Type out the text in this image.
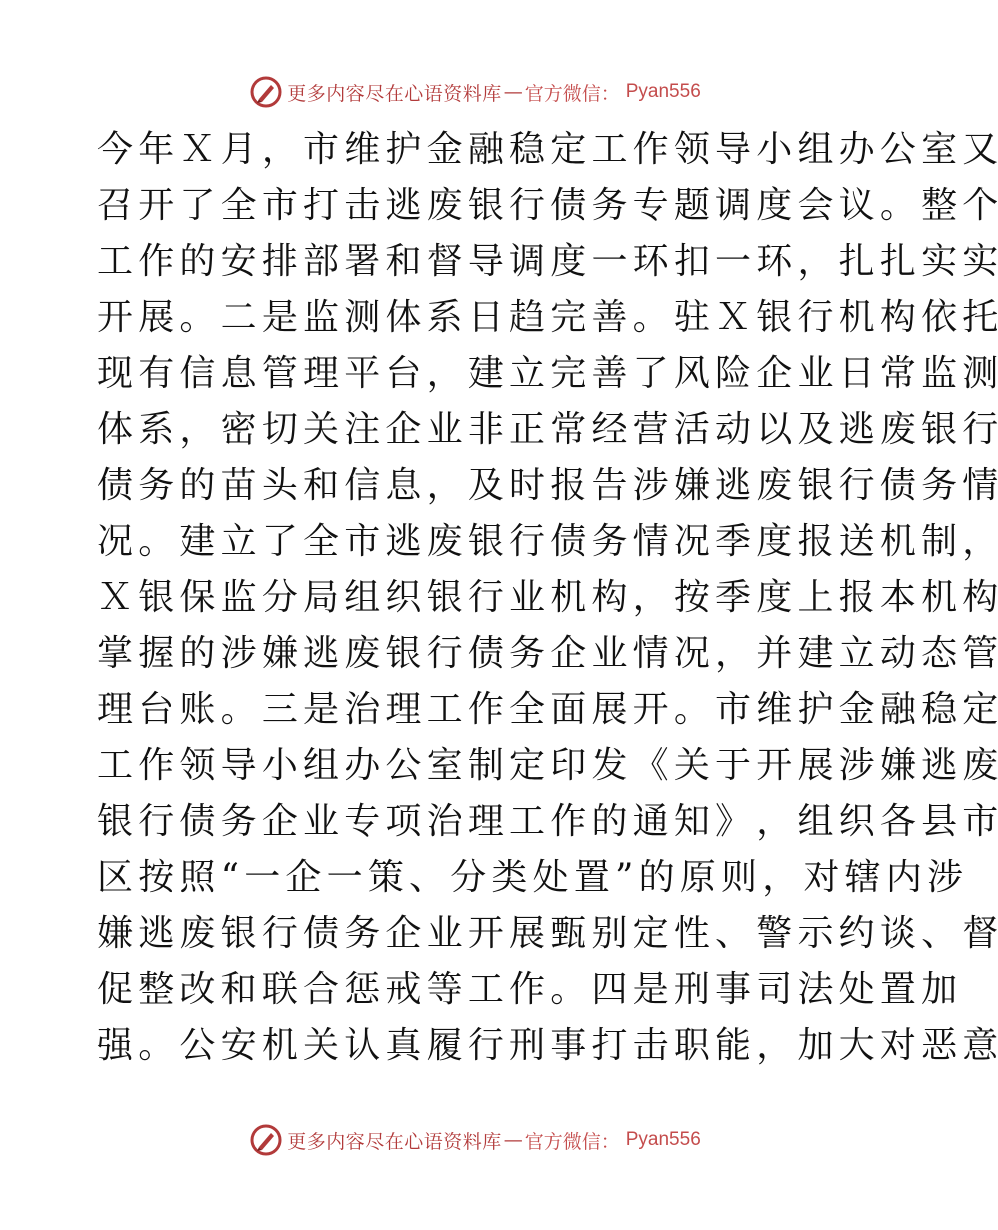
更多内容尽在心语资料库 — 官方微信： Pyan556
今 年 Ｘ 月 ， 市 维 护 金 融 稳 定 工 作 领 导 小 组 办 公 室 又
召 开 了 全 市 打 击 逃 废 银 行 债 务 专 题 调 度 会 议 。 整 个
工 作 的 安 排 部 署 和 督 导 调 度 一 环 扣 一 环 ， 扎 扎 实 实
开 展 。 二 是 监 测 体 系 日 趋 完 善 。 驻 Ｘ 银 行 机 构 依 托
现 有 信 息 管 理 平 台 ， 建 立 完 善 了 风 险 企 业 日 常 监 测
体 系 ， 密 切 关 注 企 业 非 正 常 经 营 活 动 以 及 逃 废 银 行
债 务 的 苗 头 和 信 息 ， 及 时 报 告 涉 嫌 逃 废 银 行 债 务 情
况 。 建 立 了 全 市 逃 废 银 行 债 务 情 况 季 度 报 送 机 制 ，
Ｘ 银 保 监 分 局 组 织 银 行 业 机 构 ， 按 季 度 上 报 本 机 构
掌 握 的 涉 嫌 逃 废 银 行 债 务 企 业 情 况 ， 并 建 立 动 态 管
理 台 账 。 三 是 治 理 工 作 全 面 展 开 。 市 维 护 金 融 稳 定
工 作 领 导 小 组 办 公 室 制 定 印 发 《 关 于 开 展 涉 嫌 逃 废
银 行 债 务 企 业 专 项 治 理 工 作 的 通 知 》 ， 组 织 各 县 市
区 按 照 “ 一 企 一 策 、 分 类 处 置 ” 的 原 则 ， 对 辖 内 涉
嫌 逃 废 银 行 债 务 企 业 开 展 甄 别 定 性 、 警 示 约 谈 、 督
促 整 改 和 联 合 惩 戒 等 工 作 。 四 是 刑 事 司 法 处 置 加
强 。 公 安 机 关 认 真 履 行 刑 事 打 击 职 能 ， 加 大 对 恶 意
更多内容尽在心语资料库 — 官方微信： Pyan556
